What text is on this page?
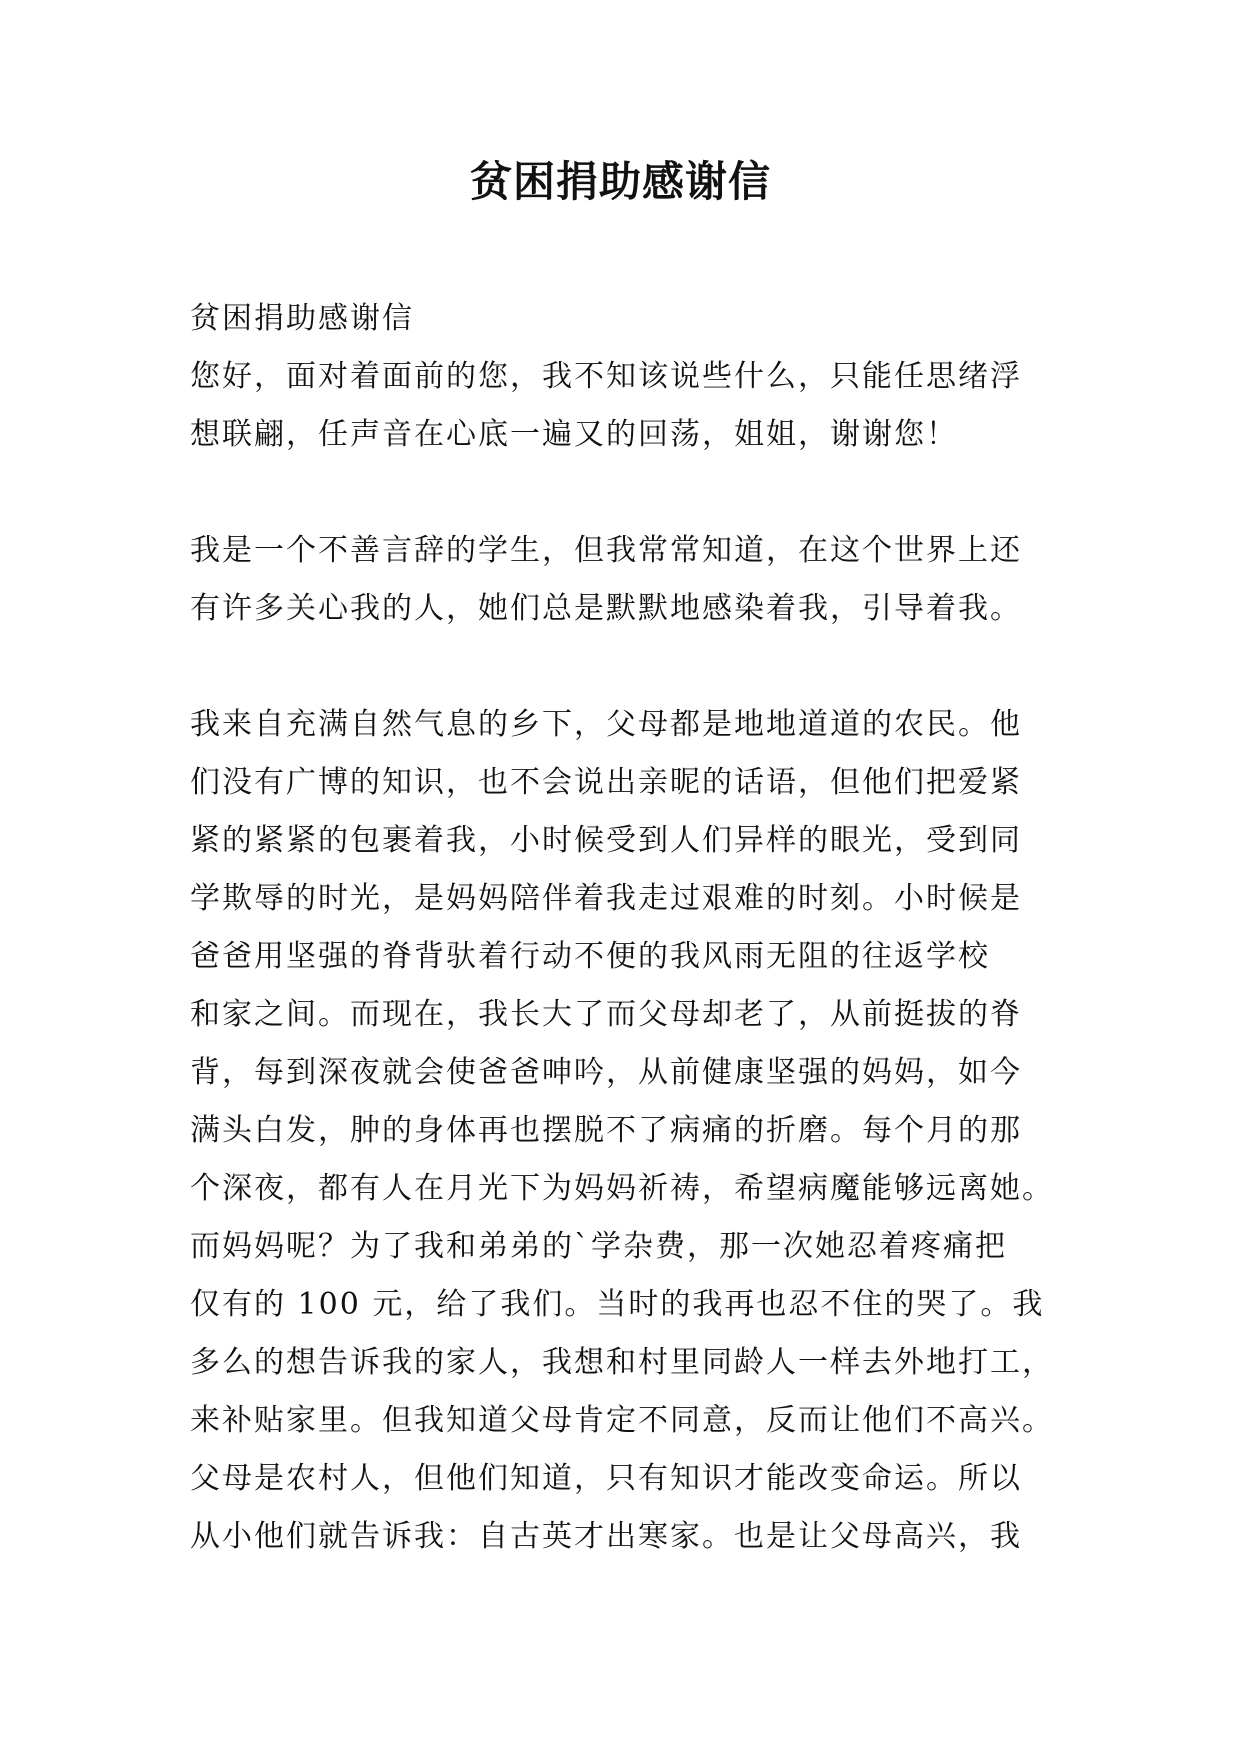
贫困捐助感谢信
贫困捐助感谢信
您好，面对着面前的您，我不知该说些什么，只能任思绪浮
想联翩，任声音在心底一遍又的回荡，姐姐，谢谢您！
我是一个不善言辞的学生，但我常常知道，在这个世界上还
有许多关心我的人，她们总是默默地感染着我，引导着我。
我来自充满自然气息的乡下，父母都是地地道道的农民。他
们没有广博的知识，也不会说出亲昵的话语，但他们把爱紧
紧的紧紧的包裹着我，小时候受到人们异样的眼光，受到同
学欺辱的时光，是妈妈陪伴着我走过艰难的时刻。小时候是
爸爸用坚强的脊背驮着行动不便的我风雨无阻的往返学校
和家之间。而现在，我长大了而父母却老了，从前挺拔的脊
背，每到深夜就会使爸爸呻吟，从前健康坚强的妈妈，如今
满头白发，肿的身体再也摆脱不了病痛的折磨。每个月的那
个深夜，都有人在月光下为妈妈祈祷，希望病魔能够远离她。
而妈妈呢？为了我和弟弟的`学杂费，那一次她忍着疼痛把
仅有的 100 元，给了我们。当时的我再也忍不住的哭了。我
多么的想告诉我的家人，我想和村里同龄人一样去外地打工，
来补贴家里。但我知道父母肯定不同意，反而让他们不高兴。
父母是农村人，但他们知道，只有知识才能改变命运。所以
从小他们就告诉我：自古英才出寒家。也是让父母高兴，我
